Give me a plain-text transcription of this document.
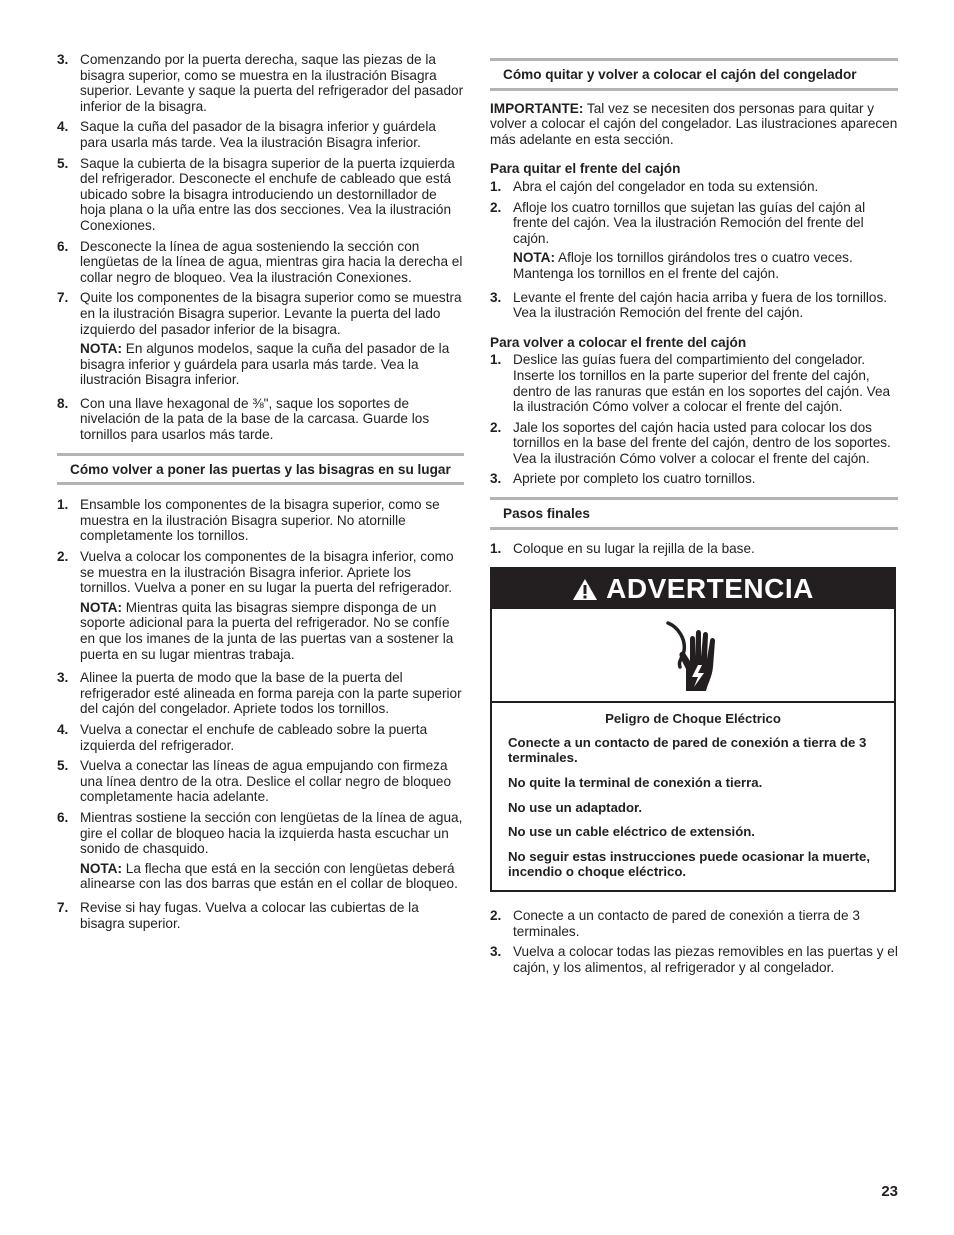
3. Comenzando por la puerta derecha, saque las piezas de la bisagra superior, como se muestra en la ilustración Bisagra superior. Levante y saque la puerta del refrigerador del pasador inferior de la bisagra.
4. Saque la cuña del pasador de la bisagra inferior y guárdela para usarla más tarde. Vea la ilustración Bisagra inferior.
5. Saque la cubierta de la bisagra superior de la puerta izquierda del refrigerador. Desconecte el enchufe de cableado que está ubicado sobre la bisagra introduciendo un destornillador de hoja plana o la uña entre las dos secciones. Vea la ilustración Conexiones.
6. Desconecte la línea de agua sosteniendo la sección con lengüetas de la línea de agua, mientras gira hacia la derecha el collar negro de bloqueo. Vea la ilustración Conexiones.
7. Quite los componentes de la bisagra superior como se muestra en la ilustración Bisagra superior. Levante la puerta del lado izquierdo del pasador inferior de la bisagra.
NOTA: En algunos modelos, saque la cuña del pasador de la bisagra inferior y guárdela para usarla más tarde. Vea la ilustración Bisagra inferior.
8. Con una llave hexagonal de ⅜", saque los soportes de nivelación de la pata de la base de la carcasa. Guarde los tornillos para usarlos más tarde.
Cómo volver a poner las puertas y las bisagras en su lugar
1. Ensamble los componentes de la bisagra superior, como se muestra en la ilustración Bisagra superior. No atornille completamente los tornillos.
2. Vuelva a colocar los componentes de la bisagra inferior, como se muestra en la ilustración Bisagra inferior. Apriete los tornillos. Vuelva a poner en su lugar la puerta del refrigerador.
NOTA: Mientras quita las bisagras siempre disponga de un soporte adicional para la puerta del refrigerador. No se confíe en que los imanes de la junta de las puertas van a sostener la puerta en su lugar mientras trabaja.
3. Alinee la puerta de modo que la base de la puerta del refrigerador esté alineada en forma pareja con la parte superior del cajón del congelador. Apriete todos los tornillos.
4. Vuelva a conectar el enchufe de cableado sobre la puerta izquierda del refrigerador.
5. Vuelva a conectar las líneas de agua empujando con firmeza una línea dentro de la otra. Deslice el collar negro de bloqueo completamente hacia adelante.
6. Mientras sostiene la sección con lengüetas de la línea de agua, gire el collar de bloqueo hacia la izquierda hasta escuchar un sonido de chasquido.
NOTA: La flecha que está en la sección con lengüetas deberá alinearse con las dos barras que están en el collar de bloqueo.
7. Revise si hay fugas. Vuelva a colocar las cubiertas de la bisagra superior.
Cómo quitar y volver a colocar el cajón del congelador
IMPORTANTE: Tal vez se necesiten dos personas para quitar y volver a colocar el cajón del congelador. Las ilustraciones aparecen más adelante en esta sección.
Para quitar el frente del cajón
1. Abra el cajón del congelador en toda su extensión.
2. Afloje los cuatro tornillos que sujetan las guías del cajón al frente del cajón. Vea la ilustración Remoción del frente del cajón.
NOTA: Afloje los tornillos girándolos tres o cuatro veces. Mantenga los tornillos en el frente del cajón.
3. Levante el frente del cajón hacia arriba y fuera de los tornillos. Vea la ilustración Remoción del frente del cajón.
Para volver a colocar el frente del cajón
1. Deslice las guías fuera del compartimiento del congelador. Inserte los tornillos en la parte superior del frente del cajón, dentro de las ranuras que están en los soportes del cajón. Vea la ilustración Cómo volver a colocar el frente del cajón.
2. Jale los soportes del cajón hacia usted para colocar los dos tornillos en la base del frente del cajón, dentro de los soportes. Vea la ilustración Cómo volver a colocar el frente del cajón.
3. Apriete por completo los cuatro tornillos.
Pasos finales
1. Coloque en su lugar la rejilla de la base.
ADVERTENCIA
Peligro de Choque Eléctrico

Conecte a un contacto de pared de conexión a tierra de 3 terminales.

No quite la terminal de conexión a tierra.

No use un adaptador.

No use un cable eléctrico de extensión.

No seguir estas instrucciones puede ocasionar la muerte, incendio o choque eléctrico.

2. Conecte a un contacto de pared de conexión a tierra de 3 terminales.
3. Vuelva a colocar todas las piezas removibles en las puertas y el cajón, y los alimentos, al refrigerador y al congelador.
23
